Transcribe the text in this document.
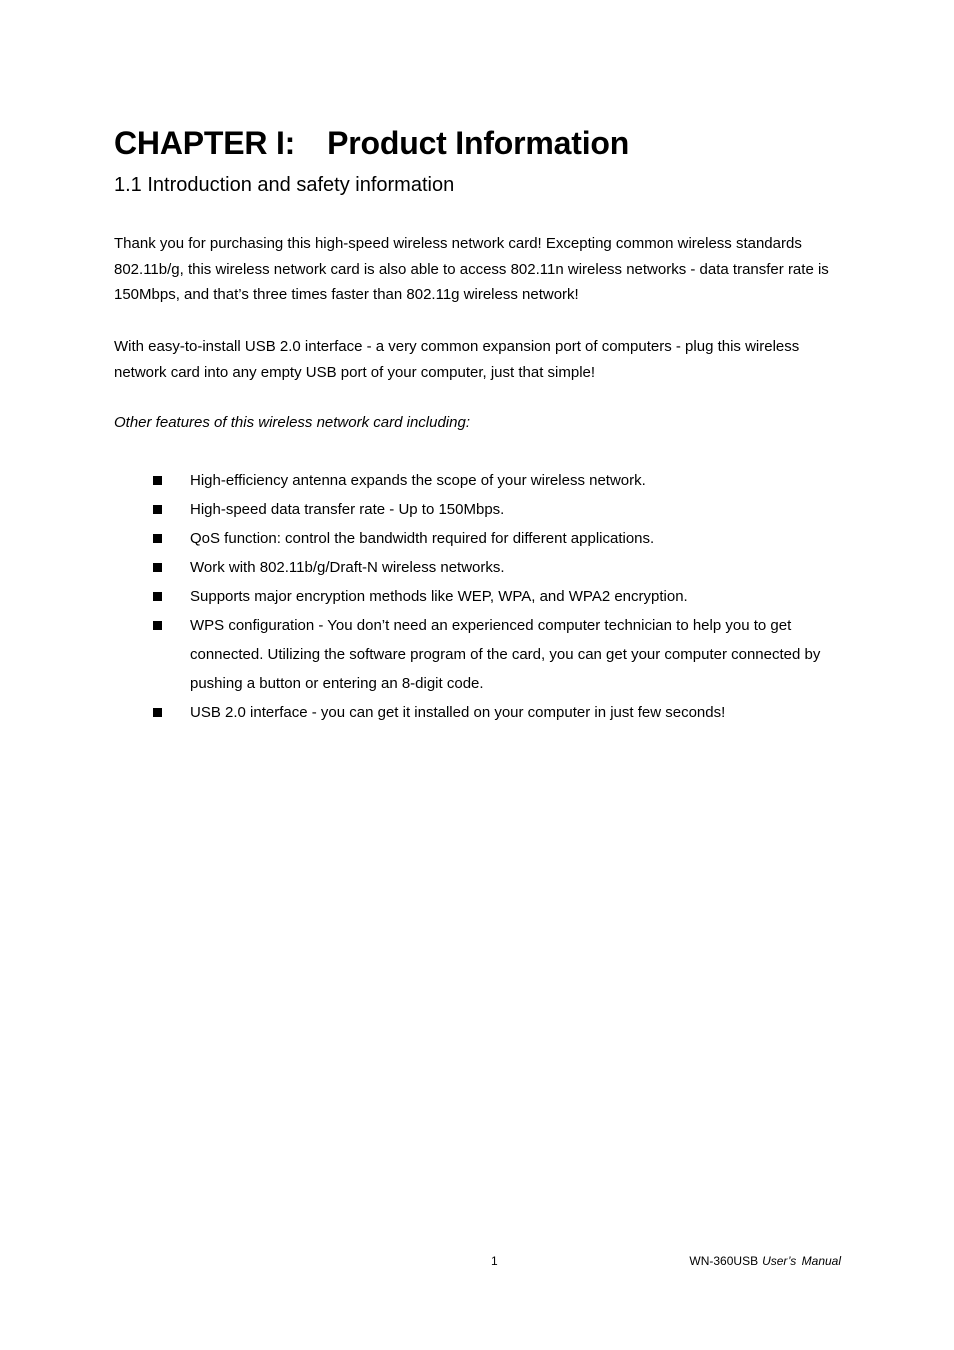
CHAPTER I: Product Information
1.1 Introduction and safety information

Thank you for purchasing this high-speed wireless network card! Excepting common wireless standards 802.11b/g, this wireless network card is also able to access 802.11n wireless networks - data transfer rate is 150Mbps, and that’s three times faster than 802.11g wireless network!

With easy-to-install USB 2.0 interface - a very common expansion port of computers - plug this wireless network card into any empty USB port of your computer, just that simple!

Other features of this wireless network card including:

High-efficiency antenna expands the scope of your wireless network.
High-speed data transfer rate - Up to 150Mbps.
QoS function: control the bandwidth required for different applications.
Work with 802.11b/g/Draft-N wireless networks.
Supports major encryption methods like WEP, WPA, and WPA2 encryption.
WPS configuration - You don’t need an experienced computer technician to help you to get connected. Utilizing the software program of the card, you can get your computer connected by pushing a button or entering an 8-digit code.
USB 2.0 interface - you can get it installed on your computer in just few seconds!
1	WN-360USB User’s Manual
